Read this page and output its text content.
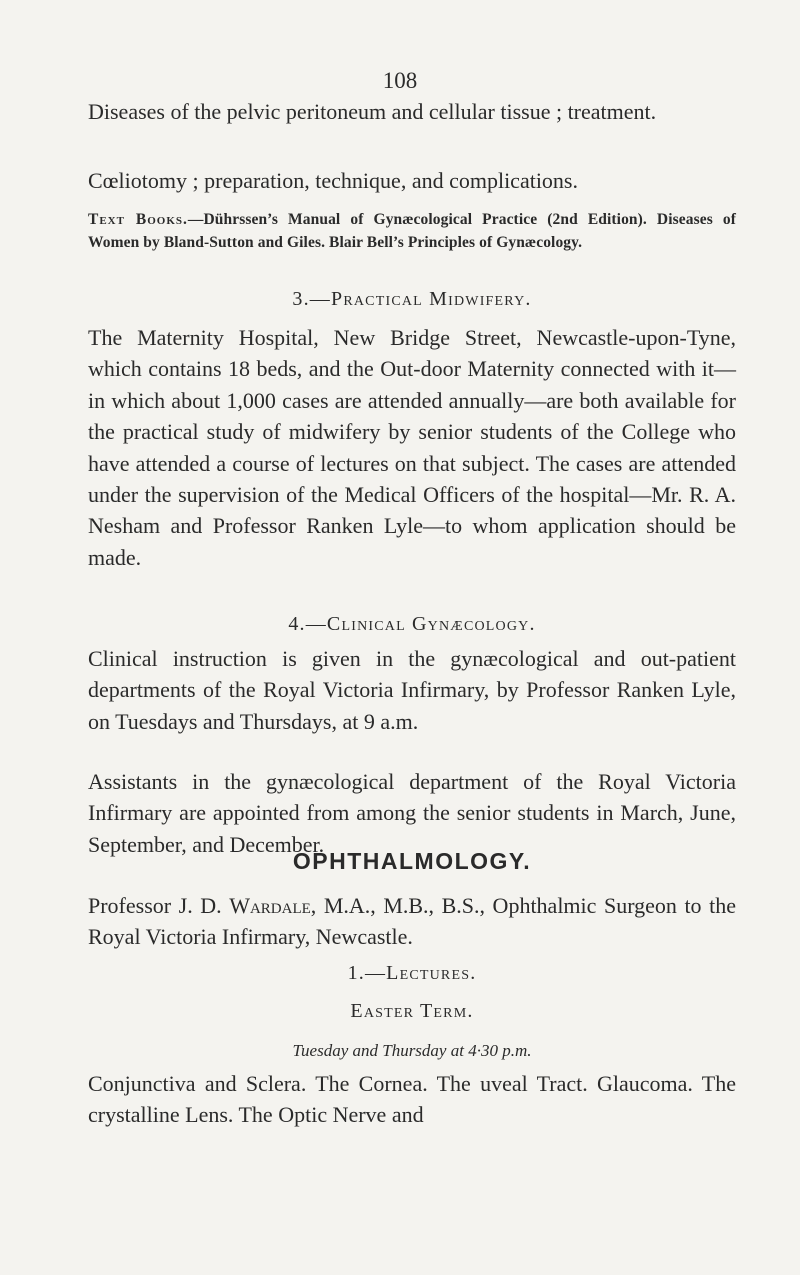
108

Diseases of the pelvic peritoneum and cellular tissue ; treatment.

Cœliotomy ; preparation, technique, and complications.

Text Books.—Dührssen’s Manual of Gynæcological Practice (2nd Edition). Diseases of Women by Bland-Sutton and Giles. Blair Bell’s Principles of Gynæcology.

3.—Practical Midwifery.

The Maternity Hospital, New Bridge Street, Newcastle-upon-Tyne, which contains 18 beds, and the Out-door Maternity connected with it—in which about 1,000 cases are attended annually—are both available for the practical study of midwifery by senior students of the College who have attended a course of lectures on that subject. The cases are attended under the supervision of the Medical Officers of the hospital—Mr. R. A. Nesham and Professor Ranken Lyle—to whom application should be made.

4.—Clinical Gynæcology.

Clinical instruction is given in the gynæcological and out-patient departments of the Royal Victoria Infirmary, by Professor Ranken Lyle, on Tuesdays and Thursdays, at 9 a.m.

Assistants in the gynæcological department of the Royal Victoria Infirmary are appointed from among the senior students in March, June, September, and December.

OPHTHALMOLOGY.

Professor J. D. Wardale, M.A., M.B., B.S., Ophthalmic Surgeon to the Royal Victoria Infirmary, Newcastle.

1.—Lectures.

Easter Term.

Tuesday and Thursday at 4·30 p.m.

Conjunctiva and Sclera. The Cornea. The uveal Tract. Glaucoma. The crystalline Lens. The Optic Nerve and
